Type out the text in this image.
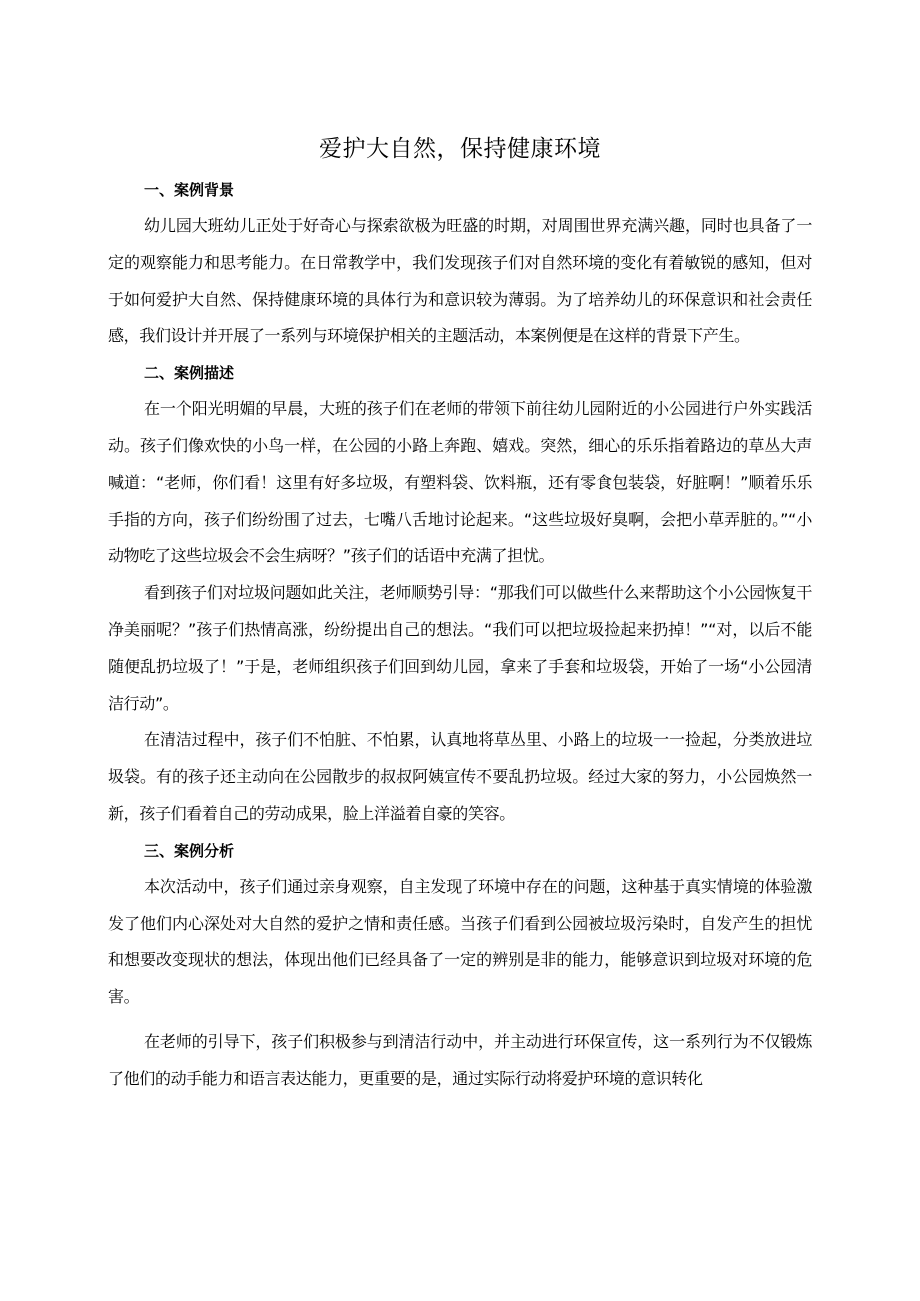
爱护大自然，保持健康环境
一、案例背景

幼儿园大班幼儿正处于好奇心与探索欲极为旺盛的时期，对周围世界充满兴趣，同时也具备了一定的观察能力和思考能力。在日常教学中，我们发现孩子们对自然环境的变化有着敏锐的感知，但对于如何爱护大自然、保持健康环境的具体行为和意识较为薄弱。为了培养幼儿的环保意识和社会责任感，我们设计并开展了一系列与环境保护相关的主题活动，本案例便是在这样的背景下产生。

二、案例描述

在一个阳光明媚的早晨，大班的孩子们在老师的带领下前往幼儿园附近的小公园进行户外实践活动。孩子们像欢快的小鸟一样，在公园的小路上奔跑、嬉戏。突然，细心的乐乐指着路边的草丛大声喊道：“老师，你们看！这里有好多垃圾，有塑料袋、饮料瓶，还有零食包装袋，好脏啊！”顺着乐乐手指的方向，孩子们纷纷围了过去，七嘴八舌地讨论起来。“这些垃圾好臭啊，会把小草弄脏的。”“小动物吃了这些垃圾会不会生病呀？”孩子们的话语中充满了担忧。

看到孩子们对垃圾问题如此关注，老师顺势引导：“那我们可以做些什么来帮助这个小公园恢复干净美丽呢？”孩子们热情高涨，纷纷提出自己的想法。“我们可以把垃圾捡起来扔掉！”“对，以后不能随便乱扔垃圾了！”于是，老师组织孩子们回到幼儿园，拿来了手套和垃圾袋，开始了一场“小公园清洁行动”。

在清洁过程中，孩子们不怕脏、不怕累，认真地将草丛里、小路上的垃圾一一捡起，分类放进垃圾袋。有的孩子还主动向在公园散步的叔叔阿姨宣传不要乱扔垃圾。经过大家的努力，小公园焕然一新，孩子们看着自己的劳动成果，脸上洋溢着自豪的笑容。

三、案例分析

本次活动中，孩子们通过亲身观察，自主发现了环境中存在的问题，这种基于真实情境的体验激发了他们内心深处对大自然的爱护之情和责任感。当孩子们看到公园被垃圾污染时，自发产生的担忧和想要改变现状的想法，体现出他们已经具备了一定的辨别是非的能力，能够意识到垃圾对环境的危害。

在老师的引导下，孩子们积极参与到清洁行动中，并主动进行环保宣传，这一系列行为不仅锻炼了他们的动手能力和语言表达能力，更重要的是，通过实际行动将爱护环境的意识转化
